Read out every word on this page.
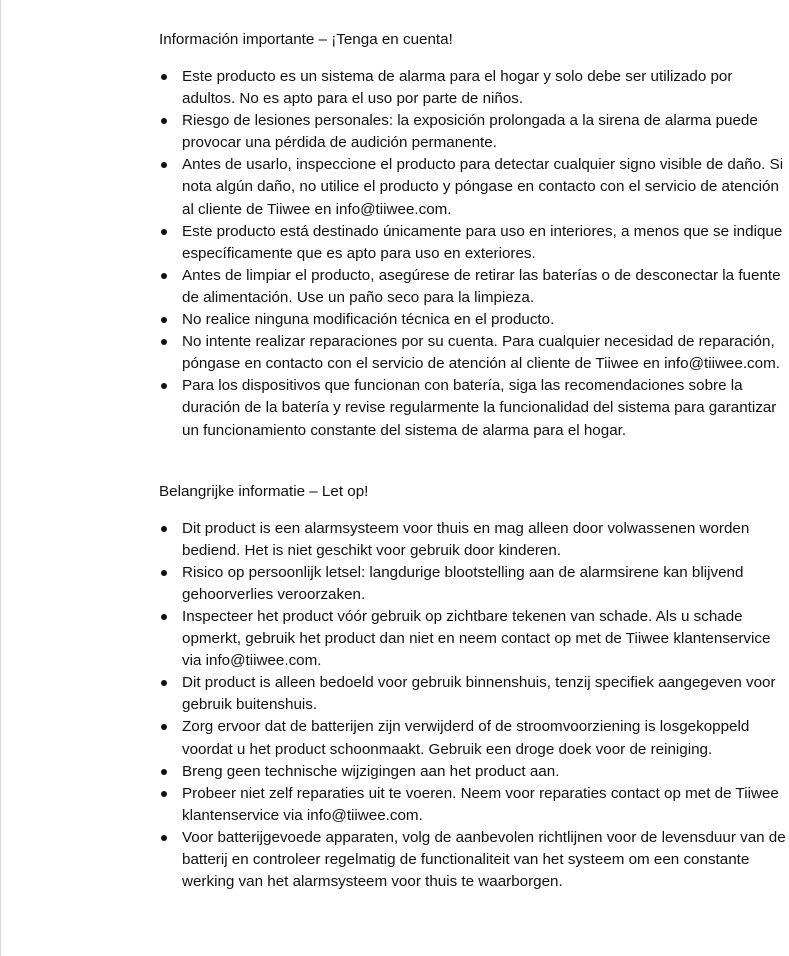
Información importante – ¡Tenga en cuenta!
Este producto es un sistema de alarma para el hogar y solo debe ser utilizado por adultos. No es apto para el uso por parte de niños.
Riesgo de lesiones personales: la exposición prolongada a la sirena de alarma puede provocar una pérdida de audición permanente.
Antes de usarlo, inspeccione el producto para detectar cualquier signo visible de daño. Si nota algún daño, no utilice el producto y póngase en contacto con el servicio de atención al cliente de Tiiwee en info@tiiwee.com.
Este producto está destinado únicamente para uso en interiores, a menos que se indique específicamente que es apto para uso en exteriores.
Antes de limpiar el producto, asegúrese de retirar las baterías o de desconectar la fuente de alimentación. Use un paño seco para la limpieza.
No realice ninguna modificación técnica en el producto.
No intente realizar reparaciones por su cuenta. Para cualquier necesidad de reparación, póngase en contacto con el servicio de atención al cliente de Tiiwee en info@tiiwee.com.
Para los dispositivos que funcionan con batería, siga las recomendaciones sobre la duración de la batería y revise regularmente la funcionalidad del sistema para garantizar un funcionamiento constante del sistema de alarma para el hogar.
Belangrijke informatie – Let op!
Dit product is een alarmsysteem voor thuis en mag alleen door volwassenen worden bediend. Het is niet geschikt voor gebruik door kinderen.
Risico op persoonlijk letsel: langdurige blootstelling aan de alarmsirene kan blijvend gehoorverlies veroorzaken.
Inspecteer het product vóór gebruik op zichtbare tekenen van schade. Als u schade opmerkt, gebruik het product dan niet en neem contact op met de Tiiwee klantenservice via info@tiiwee.com.
Dit product is alleen bedoeld voor gebruik binnenshuis, tenzij specifiek aangegeven voor gebruik buitenshuis.
Zorg ervoor dat de batterijen zijn verwijderd of de stroomvoorziening is losgekoppeld voordat u het product schoonmaakt. Gebruik een droge doek voor de reiniging.
Breng geen technische wijzigingen aan het product aan.
Probeer niet zelf reparaties uit te voeren. Neem voor reparaties contact op met de Tiiwee klantenservice via info@tiiwee.com.
Voor batterijgevoede apparaten, volg de aanbevolen richtlijnen voor de levensduur van de batterij en controleer regelmatig de functionaliteit van het systeem om een constante werking van het alarmsysteem voor thuis te waarborgen.
